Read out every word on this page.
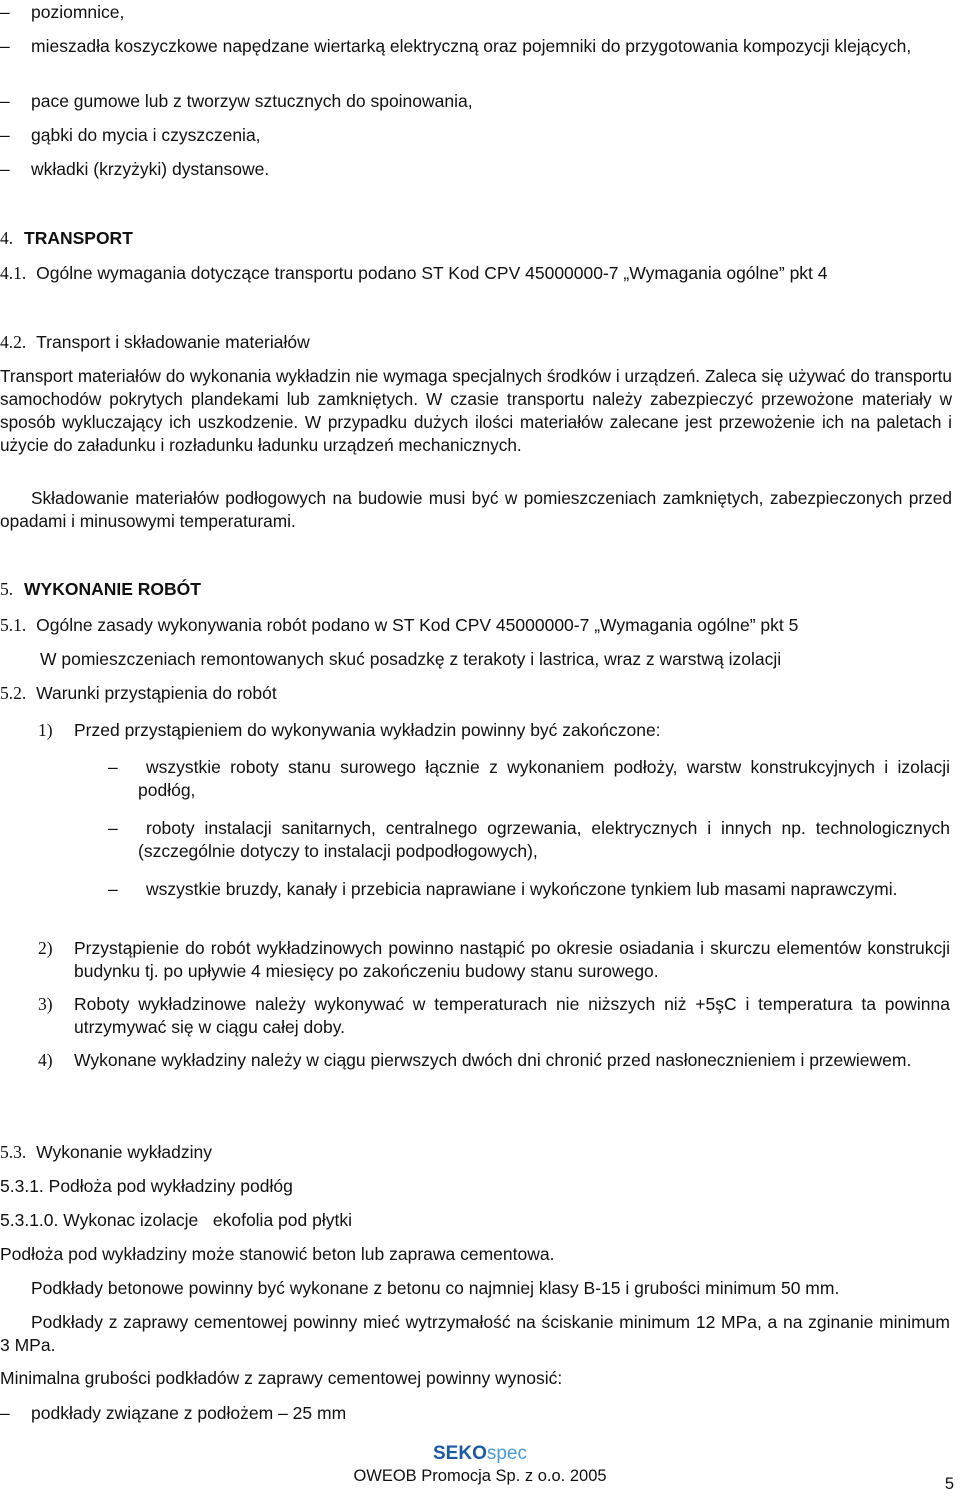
– poziomnice,
– mieszadła koszyczkowe napędzane wiertarką elektryczną oraz pojemniki do przygotowania kompozycji klejących,
– pace gumowe lub z tworzyw sztucznych do spoinowania,
– gąbki do mycia i czyszczenia,
– wkładki (krzyżyki) dystansowe.
4. TRANSPORT
4.1. Ogólne wymagania dotyczące transportu podano ST Kod CPV 45000000-7 „Wymagania ogólne” pkt 4
4.2. Transport i składowanie materiałów
Transport materiałów do wykonania wykładzin nie wymaga specjalnych środków i urządzeń. Zaleca się używać do transportu samochodów pokrytych plandekami lub zamkniętych. W czasie transportu należy zabezpieczyć przewożone materiały w sposób wykluczający ich uszkodzenie. W przypadku dużych ilości materiałów zalecane jest przewożenie ich na paletach i użycie do załadunku i rozładunku ładunku urządzeń mechanicznych.
Składowanie materiałów podłogowych na budowie musi być w pomieszczeniach zamkniętych, zabezpieczonych przed opadami i minusowymi temperaturami.
5. WYKONANIE ROBÓT
5.1. Ogólne zasady wykonywania robót podano w ST Kod CPV 45000000-7 „Wymagania ogólne” pkt 5
W pomieszczeniach remontowanych skuć posadzkę z terakoty i lastrica, wraz z warstwą izolacji
5.2. Warunki przystąpienia do robót
1) Przed przystąpieniem do wykonywania wykładzin powinny być zakończone:
–	wszystkie roboty stanu surowego łącznie z wykonaniem podłoży, warstw konstrukcyjnych i izolacji podłóg,
–	roboty instalacji sanitarnych, centralnego ogrzewania, elektrycznych i innych np. technologicznych (szczególnie dotyczy to instalacji podpodłogowych),
–	wszystkie bruzdy, kanały i przebicia naprawiane i wykończone tynkiem lub masami naprawczymi.
2) Przystąpienie do robót wykładzinowych powinno nastąpić po okresie osiadania i skurczu elementów konstrukcji budynku tj. po upływie 4 miesięcy po zakończeniu budowy stanu surowego.
3) Roboty wykładzinowe należy wykonywać w temperaturach nie niższych niż +5şC i temperatura ta powinna utrzymywać się w ciągu całej doby.
4) Wykonane wykładziny należy w ciągu pierwszych dwóch dni chronić przed nasłonecznieniem i przewiewem.
5.3. Wykonanie wykładziny
5.3.1. Podłoża pod wykładziny podłóg
5.3.1.0. Wykonac izolacje   ekofolia pod płytki
Podłoża pod wykładziny może stanowić beton lub zaprawa cementowa.
Podkłady betonowe powinny być wykonane z betonu co najmniej klasy B-15 i grubości minimum 50 mm.
Podkłady z zaprawy cementowej powinny mieć wytrzymałość na ściskanie minimum 12 MPa, a na zginanie minimum 3 MPa.
Minimalna grubości podkładów z zaprawy cementowej powinny wynosić:
– podkłady związane z podłożem – 25 mm
SEKOspec
OWEOB Promocja Sp. z o.o. 2005	5
